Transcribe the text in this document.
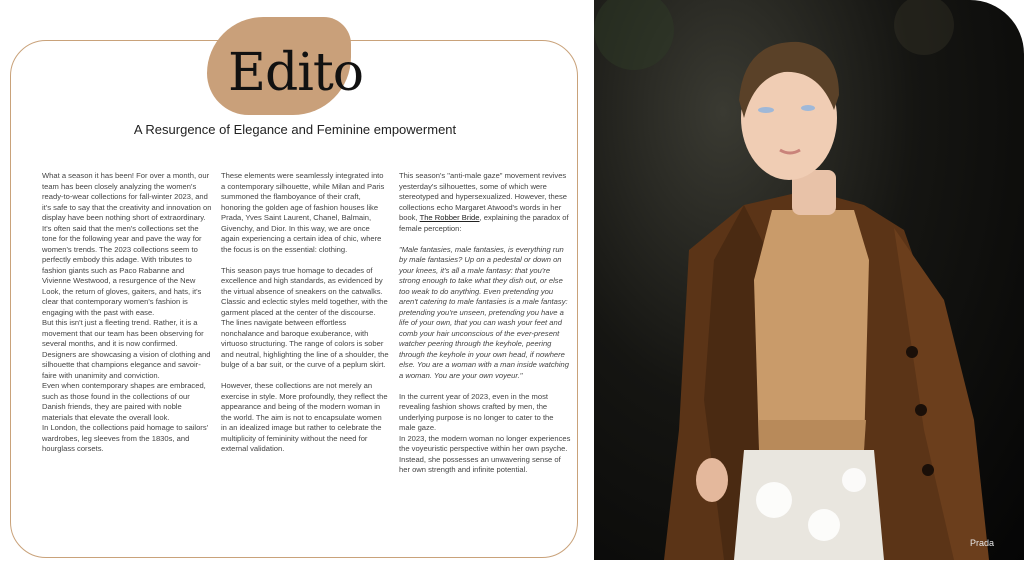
Edito
A Resurgence of Elegance and Feminine empowerment

What a season it has been! For over a month, our team has been closely analyzing the women's ready-to-wear collections for fall-winter 2023, and it's safe to say that the creativity and innovation on display have been nothing short of extraordinary.

It's often said that the men's collections set the tone for the following year and pave the way for women's trends. The 2023 collections seem to perfectly embody this adage. With tributes to fashion giants such as Paco Rabanne and Vivienne Westwood, a resurgence of the New Look, the return of gloves, gaiters, and hats, it's clear that contemporary women's fashion is engaging with the past with ease.

But this isn't just a fleeting trend. Rather, it is a movement that our team has been observing for several months, and it is now confirmed. Designers are showcasing a vision of clothing and silhouette that champions elegance and savoir-faire with unanimity and conviction.

Even when contemporary shapes are embraced, such as those found in the collections of our Danish friends, they are paired with noble materials that elevate the overall look.

In London, the collections paid homage to sailors' wardrobes, leg sleeves from the 1830s, and hourglass corsets.

These elements were seamlessly integrated into a contemporary silhouette, while Milan and Paris summoned the flamboyance of their craft, honoring the golden age of fashion houses like Prada, Yves Saint Laurent, Chanel, Balmain, Givenchy, and Dior. In this way, we are once again experiencing a certain idea of chic, where the focus is on the essential: clothing.

This season pays true homage to decades of excellence and high standards, as evidenced by the virtual absence of sneakers on the catwalks. Classic and eclectic styles meld together, with the garment placed at the center of the discourse. The lines navigate between effortless nonchalance and baroque exuberance, with virtuoso structuring. The range of colors is sober and neutral, highlighting the line of a shoulder, the bulge of a bar suit, or the curve of a peplum skirt.

However, these collections are not merely an exercise in style. More profoundly, they reflect the appearance and being of the modern woman in the world. The aim is not to encapsulate women in an idealized image but rather to celebrate the multiplicity of femininity without the need for external validation.

This season's "anti-male gaze" movement revives yesterday's silhouettes, some of which were stereotyped and hypersexualized. However, these collections echo Margaret Atwood's words in her book, The Robber Bride, explaining the paradox of female perception:

"Male fantasies, male fantasies, is everything run by male fantasies? Up on a pedestal or down on your knees, it's all a male fantasy: that you're strong enough to take what they dish out, or else too weak to do anything. Even pretending you aren't catering to male fantasies is a male fantasy: pretending you're unseen, pretending you have a life of your own, that you can wash your feet and comb your hair unconscious of the ever-present watcher peering through the keyhole, peering through the keyhole in your own head, if nowhere else. You are a woman with a man inside watching a woman. You are your own voyeur."

In the current year of 2023, even in the most revealing fashion shows crafted by men, the underlying purpose is no longer to cater to the male gaze.

In 2023, the modern woman no longer experiences the voyeuristic perspective within her own psyche. Instead, she possesses an unwavering sense of her own strength and infinite potential.

Prada
